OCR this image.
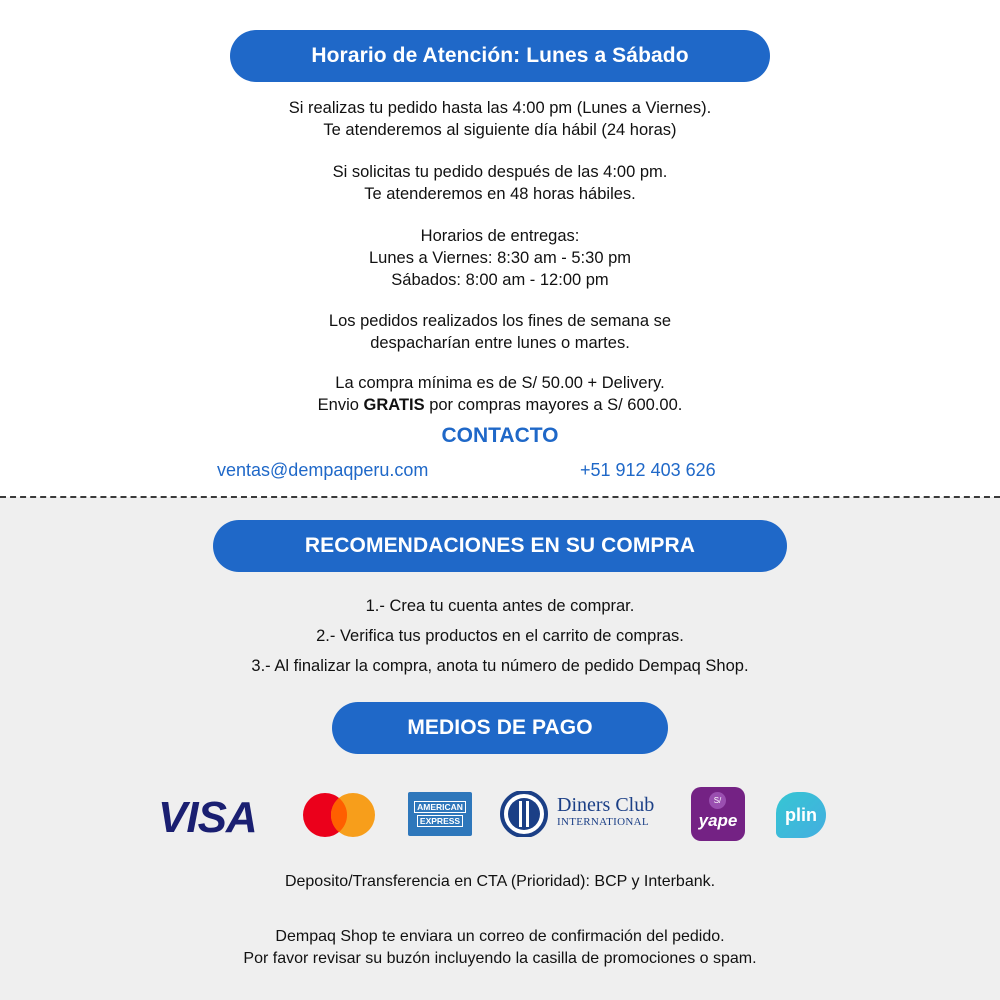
Horario de Atención: Lunes a Sábado
Si realizas tu pedido hasta las 4:00 pm (Lunes a Viernes).
Te atenderemos al siguiente día hábil (24 horas)
Si solicitas tu pedido después de las 4:00 pm.
Te atenderemos en 48 horas hábiles.
Horarios de entregas:
Lunes a Viernes: 8:30 am - 5:30 pm
Sábados: 8:00 am - 12:00 pm
Los pedidos realizados los fines de semana se
despacharían entre lunes o martes.
La compra mínima es de S/ 50.00 + Delivery.
Envio GRATIS por compras mayores a S/ 600.00.
CONTACTO
ventas@dempaqperu.com	+51 912 403 626
RECOMENDACIONES EN SU COMPRA
1.- Crea tu cuenta antes de comprar.
2.- Verifica tus productos en el carrito de compras.
3.- Al finalizar la compra, anota tu número de pedido Dempaq Shop.
MEDIOS DE PAGO
VISA	AMERICAN
EXPRESS
Diners Club
INTERNATIONAL
S/
yape	plin
Deposito/Transferencia en CTA (Prioridad): BCP y Interbank.
Dempaq Shop te enviara un correo de confirmación del pedido.
Por favor revisar su buzón incluyendo la casilla de promociones o spam.
